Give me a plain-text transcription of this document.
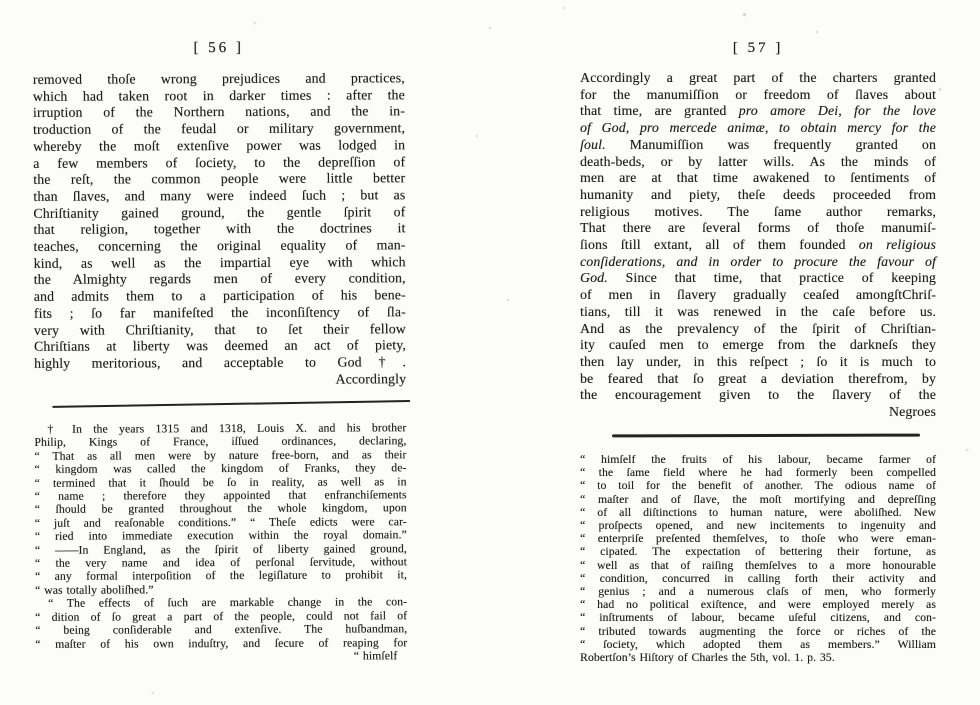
[ 56 ]
removed thoſe wrong prejudices and practices,
which had taken root in darker times : after the
irruption of the Northern nations, and the in-
troduction of the feudal or military government,
whereby the moſt extenſive power was lodged in
a few members of ſociety, to the depreſſion of
the reſt, the common people were little better
than ſlaves, and many were indeed ſuch ; but as
Chriſtianity gained ground, the gentle ſpirit of
that religion, together with the doctrines it
teaches, concerning the original equality of man-
kind, as well as the impartial eye with which
the Almighty regards men of every condition,
and admits them to a participation of his bene-
fits ; ſo far manifeſted the inconſiſtency of ſla-
very with Chriſtianity, that to ſet their fellow
Chriſtians at liberty was deemed an act of piety,
highly meritorious, and acceptable to God†.
Accordingly
† In the years 1315 and 1318, Louis X. and his brother
Philip, Kings of France, iſſued ordinances, declaring,
“ That as all men were by nature free-born, and as their
“ kingdom was called the kingdom of Franks, they de-
“ termined that it ſhould be ſo in reality, as well as in
“ name ; therefore they appointed that enfranchiſements
“ ſhould be granted throughout the whole kingdom, upon
“ juſt and reaſonable conditions.” “ Theſe edicts were car-
“ ried into immediate execution within the royal domain.”
“ ——In England, as the ſpirit of liberty gained ground,
“ the very name and idea of perſonal ſervitude, without
“ any formal interpoſition of the legiſlature to prohibit it,
“ was totally aboliſhed.”
“ The effects of ſuch are markable change in the con-
“ dition of ſo great a part of the people, could not fail of
“ being conſiderable and extenſive. The huſbandman,
“ maſter of his own induſtry, and ſecure of reaping for
“ himſelf
[ 57 ]
Accordingly a great part of the charters granted
for the manumiſſion or freedom of ſlaves about
that time, are granted pro amore Dei, for the love
of God, pro mercede animæ, to obtain mercy for the
ſoul. Manumiſſion was frequently granted on
death-beds, or by latter wills. As the minds of
men are at that time awakened to ſentiments of
humanity and piety, theſe deeds proceeded from
religious motives. The ſame author remarks,
That there are ſeveral forms of thoſe manumiſ-
ſions ſtill extant, all of them founded on religious
conſiderations, and in order to procure the favour of
God. Since that time, that practice of keeping
of men in ſlavery gradually ceaſed amongſtChriſ-
tians, till it was renewed in the caſe before us.
And as the prevalency of the ſpirit of Chriſtian-
ity cauſed men to emerge from the darkneſs they
then lay under, in this reſpect ; ſo it is much to
be feared that ſo great a deviation therefrom, by
the encouragement given to the ſlavery of the
Negroes
“ himſelf the fruits of his labour, became farmer of
“ the ſame field where he had formerly been compelled
“ to toil for the benefit of another. The odious name of
“ maſter and of ſlave, the moſt mortifying and depreſſing
“ of all diſtinctions to human nature, were aboliſhed. New
“ proſpects opened, and new incitements to ingenuity and
“ enterpriſe preſented themſelves, to thoſe who were eman-
“ cipated. The expectation of bettering their fortune, as
“ well as that of raiſing themſelves to a more honourable
“ condition, concurred in calling forth their activity and
“ genius ; and a numerous claſs of men, who formerly
“ had no political exiſtence, and were employed merely as
“ inſtruments of labour, became uſeful citizens, and con-
“ tributed towards augmenting the force or riches of the
“ ſociety, which adopted them as members.” William
Robertſon’s Hiſtory of Charles the 5th, vol. 1. p. 35.
